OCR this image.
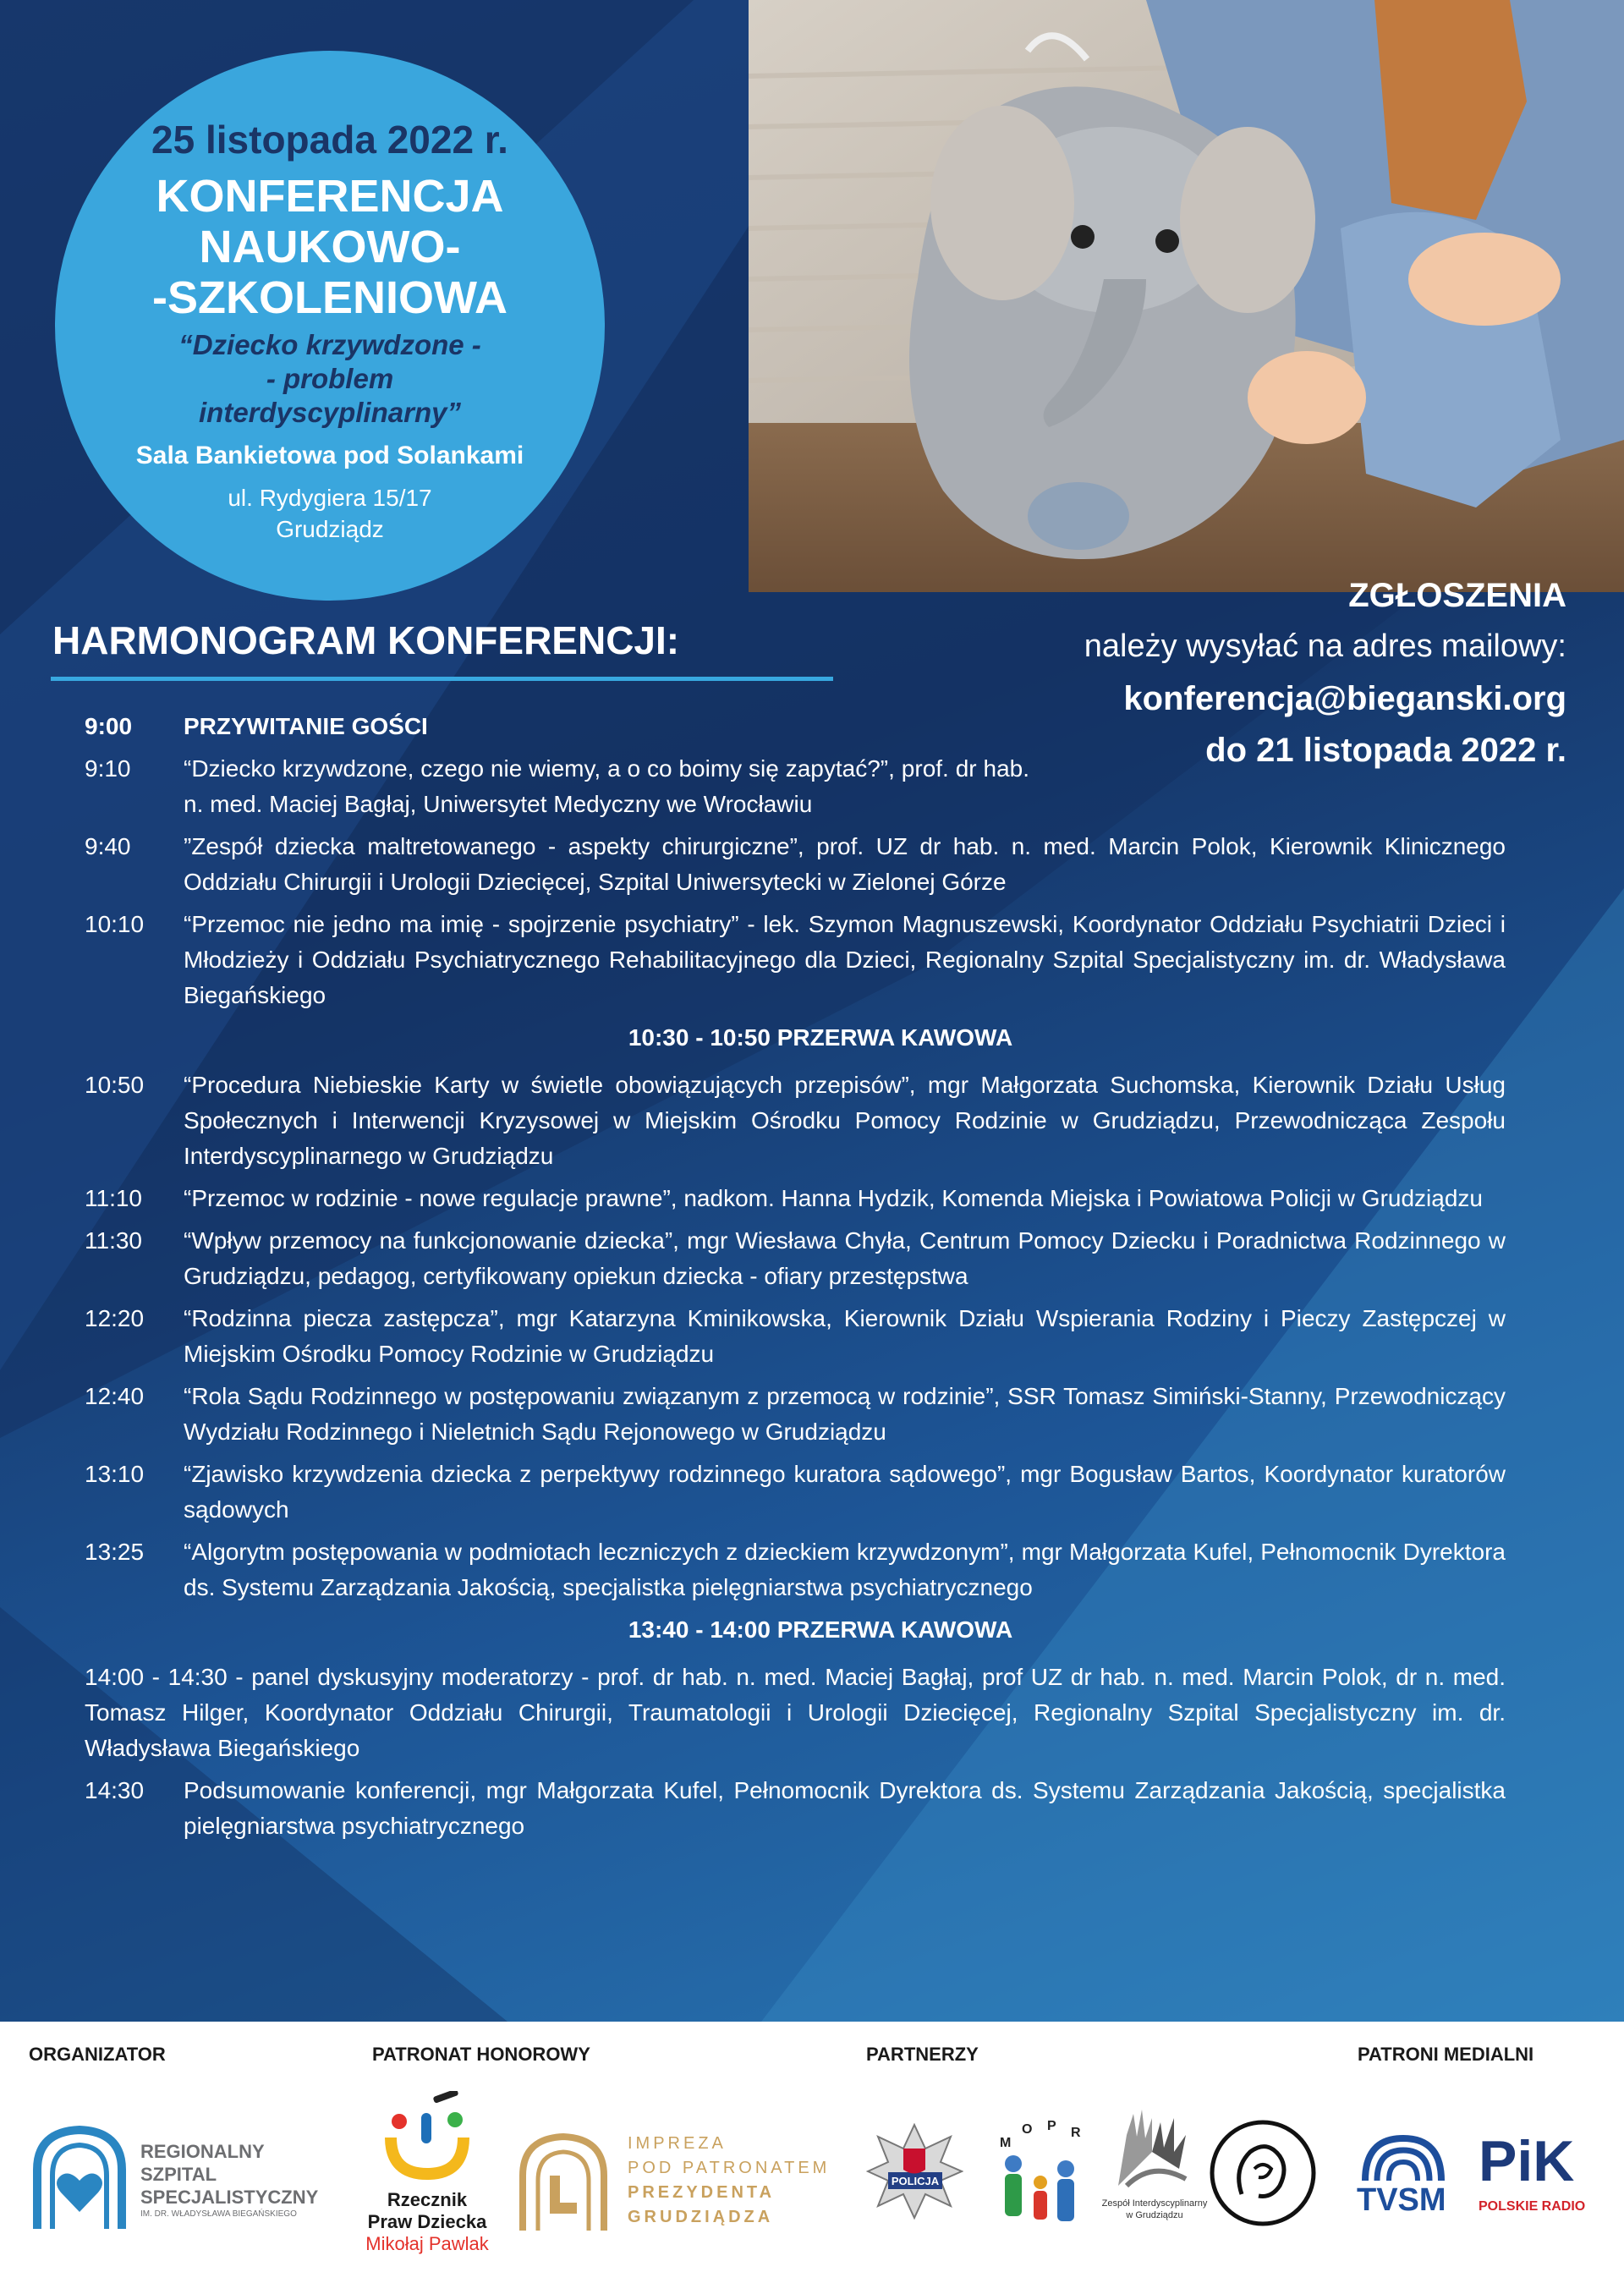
25 listopada 2022 r.
KONFERENCJA
NAUKOWO-
-SZKOLENIOWA
“Dziecko krzywdzone -
- problem
interdyscyplinarny”
Sala Bankietowa pod Solankami
ul. Rydygiera 15/17
Grudziądz
HARMONOGRAM KONFERENCJI:
ZGŁOSZENIA
należy wysyłać na adres mailowy:
konferencja@bieganski.org
do 21 listopada 2022 r.
9:00	PRZYWITANIE GOŚCI
9:10	“Dziecko krzywdzone, czego nie wiemy, a o co boimy się zapytać?”, prof. dr hab. n. med. Maciej Bagłaj, Uniwersytet Medyczny we Wrocławiu
9:40	”Zespół dziecka maltretowanego - aspekty chirurgiczne”, prof. UZ dr hab. n. med. Marcin Polok, Kierownik Klinicznego Oddziału Chirurgii i Urologii Dziecięcej, Szpital Uniwersytecki w Zielonej Górze
10:10	“Przemoc nie jedno ma imię - spojrzenie psychiatry” - lek. Szymon Magnuszewski, Koordynator Oddziału Psychiatrii Dzieci i Młodzieży i Oddziału Psychiatrycznego Rehabilitacyjnego dla Dzieci, Regionalny Szpital Specjalistyczny im. dr. Władysława Biegańskiego
10:30 - 10:50 PRZERWA KAWOWA
10:50	“Procedura Niebieskie Karty w świetle obowiązujących przepisów”, mgr Małgorzata Suchomska, Kierownik Działu Usług Społecznych i Interwencji Kryzysowej w Miejskim Ośrodku Pomocy Rodzinie w Grudziądzu, Przewodnicząca Zespołu Interdyscyplinarnego w Grudziądzu
11:10	“Przemoc w rodzinie - nowe regulacje prawne”, nadkom. Hanna Hydzik, Komenda Miejska i Powiatowa Policji w Grudziądzu
11:30	“Wpływ przemocy na funkcjonowanie dziecka”, mgr Wiesława Chyła, Centrum Pomocy Dziecku i Poradnictwa Rodzinnego w Grudziądzu, pedagog, certyfikowany opiekun dziecka - ofiary przestępstwa
12:20	“Rodzinna piecza zastępcza”, mgr Katarzyna Kminikowska, Kierownik Działu Wspierania Rodziny i Pieczy Zastępczej w Miejskim Ośrodku Pomocy Rodzinie w Grudziądzu
12:40	“Rola Sądu Rodzinnego w postępowaniu związanym z przemocą w rodzinie”, SSR Tomasz Simiński-Stanny, Przewodniczący Wydziału Rodzinnego i Nieletnich Sądu Rejonowego w Grudziądzu
13:10	“Zjawisko krzywdzenia dziecka z perpektywy rodzinnego kuratora sądowego”, mgr Bogusław Bartos, Koordynator kuratorów sądowych
13:25	“Algorytm postępowania w podmiotach leczniczych z dzieckiem krzywdzonym”, mgr Małgorzata Kufel, Pełnomocnik Dyrektora ds. Systemu Zarządzania Jakością, specjalistka pielęgniarstwa psychiatrycznego
13:40 - 14:00 PRZERWA KAWOWA
14:00 - 14:30 - panel dyskusyjny moderatorzy - prof. dr hab. n. med. Maciej Bagłaj, prof UZ dr hab. n. med. Marcin Polok, dr n. med. Tomasz Hilger, Koordynator Oddziału Chirurgii, Traumatologii i Urologii Dziecięcej, Regionalny Szpital Specjalistyczny im. dr. Władysława Biegańskiego
14:30	Podsumowanie konferencji, mgr Małgorzata Kufel, Pełnomocnik Dyrektora ds. Systemu Zarządzania Jakością, specjalistka pielęgniarstwa psychiatrycznego
ORGANIZATOR	PATRONAT HONOROWY	PARTNERZY	PATRONI MEDIALNI
REGIONALNY
SZPITAL
SPECJALISTYCZNY
IM. DR. WŁADYSŁAWA BIEGAŃSKIEGO
Rzecznik
Praw Dziecka
Mikołaj Pawlak
IMPREZA
POD PATRONATEM
PREZYDENTA
GRUDZIĄDZA
POLICJA
M
O P R
Zespół Interdyscyplinarny
w Grudziądzu	TVSM
PiK
POLSKIE RADIO
